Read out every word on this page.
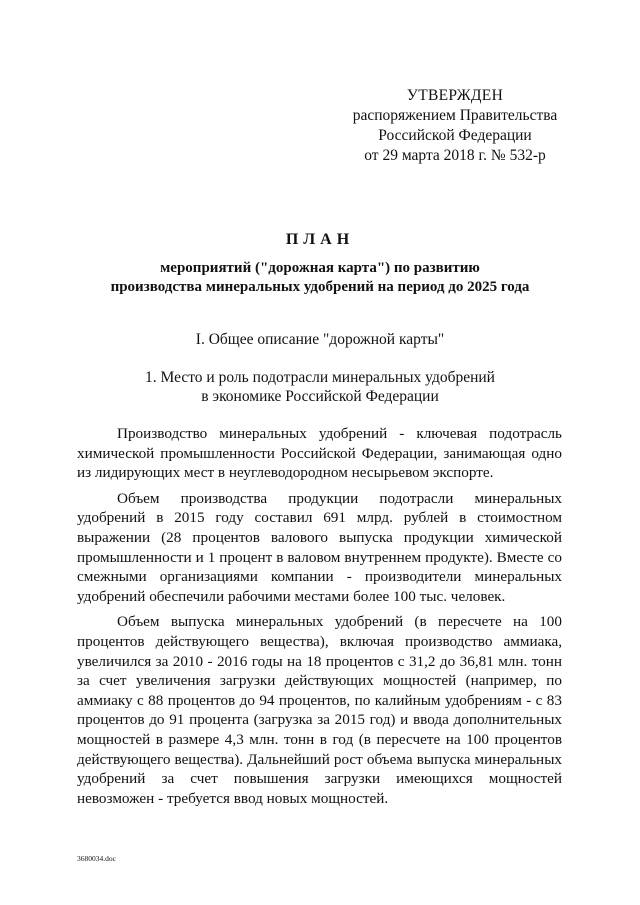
УТВЕРЖДЕН
распоряжением Правительства
Российской Федерации
от 29 марта 2018 г. № 532-р
ПЛАН
мероприятий ("дорожная карта") по развитию
производства минеральных удобрений на период до 2025 года
I. Общее описание "дорожной карты"
1. Место и роль подотрасли минеральных удобрений
в экономике Российской Федерации

Производство минеральных удобрений - ключевая подотрасль химической промышленности Российской Федерации, занимающая одно из лидирующих мест в неуглеводородном несырьевом экспорте.

Объем производства продукции подотрасли минеральных удобрений в 2015 году составил 691 млрд. рублей в стоимостном выражении (28 процентов валового выпуска продукции химической промышленности и 1 процент в валовом внутреннем продукте). Вместе со смежными организациями компании - производители минеральных удобрений обеспечили рабочими местами более 100 тыс. человек.

Объем выпуска минеральных удобрений (в пересчете на 100 процентов действующего вещества), включая производство аммиака, увеличился за 2010 - 2016 годы на 18 процентов с 31,2 до 36,81 млн. тонн за счет увеличения загрузки действующих мощностей (например, по аммиаку с 88 процентов до 94 процентов, по калийным удобрениям - с 83 процентов до 91 процента (загрузка за 2015 год) и ввода дополнительных мощностей в размере 4,3 млн. тонн в год (в пересчете на 100 процентов действующего вещества). Дальнейший рост объема выпуска минеральных удобрений за счет повышения загрузки имеющихся мощностей невозможен - требуется ввод новых мощностей.

3680034.doc
